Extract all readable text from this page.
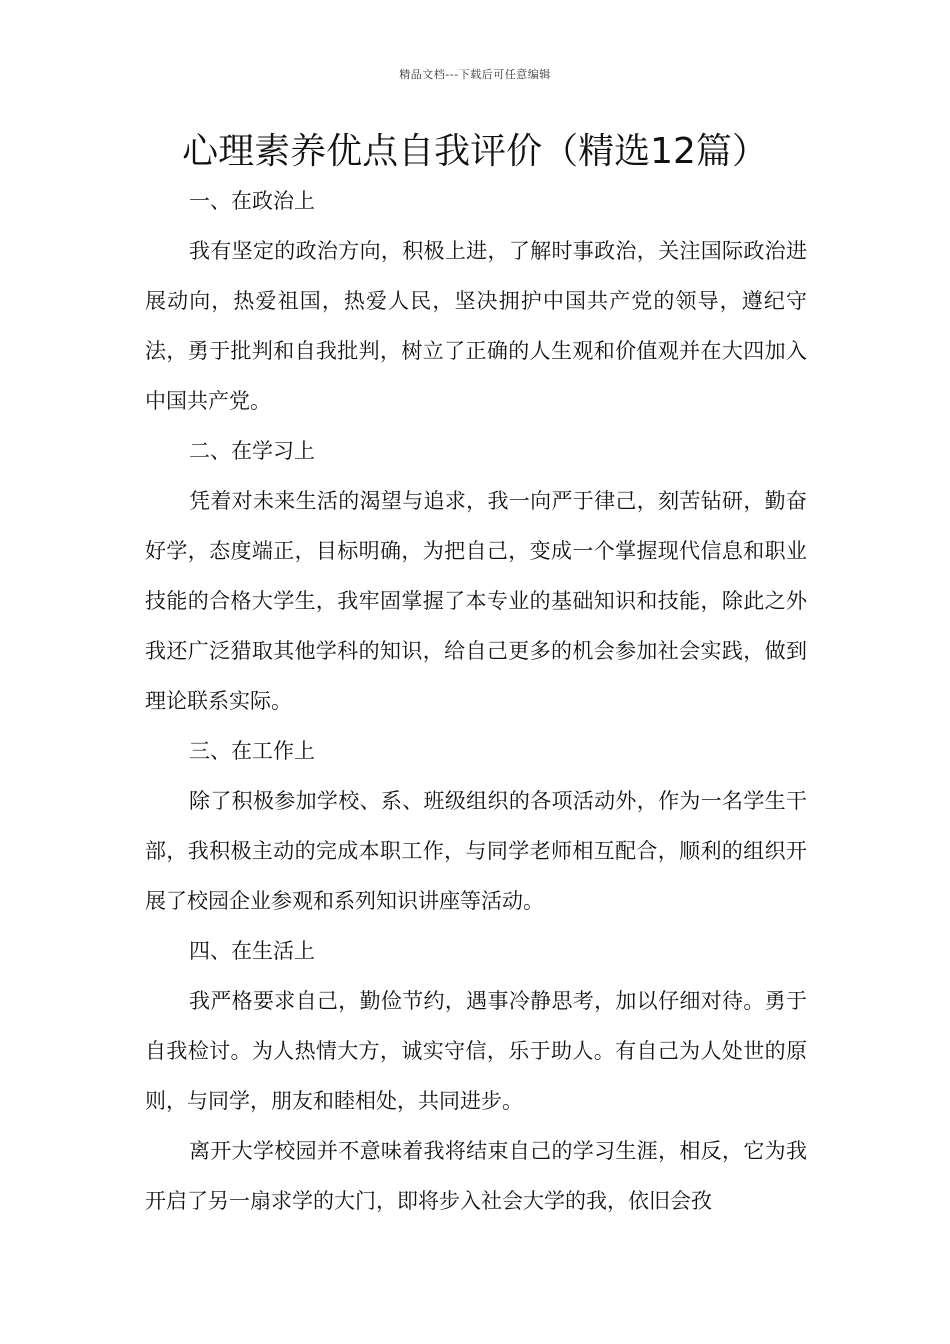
精品文档---下载后可任意编辑
心理素养优点自我评价（精选12篇）

一、在政治上

我有坚定的政治方向，积极上进，了解时事政治，关注国际政治进展动向，热爱祖国，热爱人民，坚决拥护中国共产党的领导，遵纪守法，勇于批判和自我批判，树立了正确的人生观和价值观并在大四加入中国共产党。

二、在学习上

凭着对未来生活的渴望与追求，我一向严于律己，刻苦钻研，勤奋好学，态度端正，目标明确，为把自己，变成一个掌握现代信息和职业技能的合格大学生，我牢固掌握了本专业的基础知识和技能，除此之外我还广泛猎取其他学科的知识，给自己更多的机会参加社会实践，做到理论联系实际。

三、在工作上

除了积极参加学校、系、班级组织的各项活动外，作为一名学生干部，我积极主动的完成本职工作，与同学老师相互配合，顺利的组织开展了校园企业参观和系列知识讲座等活动。

四、在生活上

我严格要求自己，勤俭节约，遇事冷静思考，加以仔细对待。勇于自我检讨。为人热情大方，诚实守信，乐于助人。有自己为人处世的原则，与同学，朋友和睦相处，共同进步。

离开大学校园并不意味着我将结束自己的学习生涯，相反，它为我开启了另一扇求学的大门，即将步入社会大学的我，依旧会孜
